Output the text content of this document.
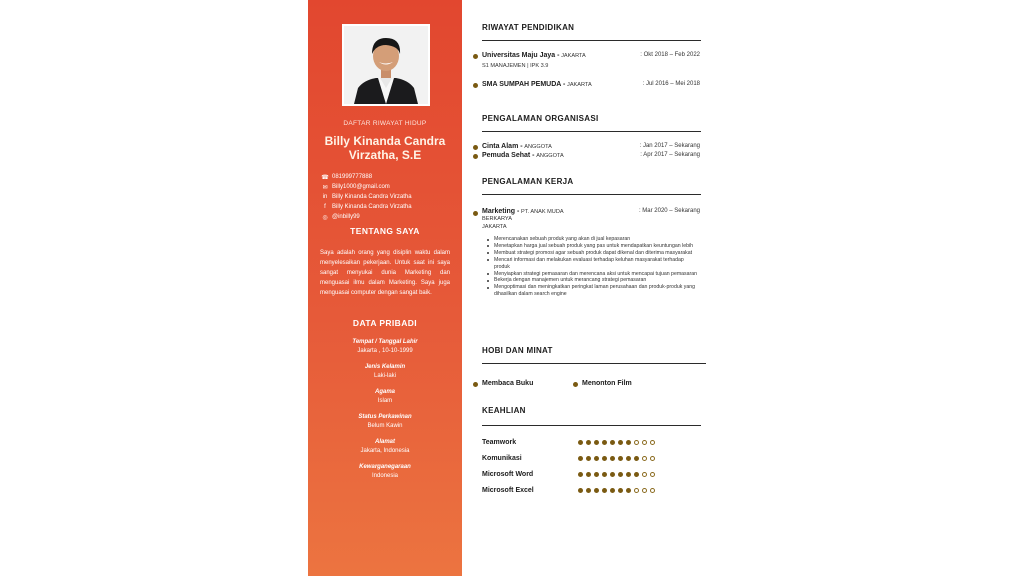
DAFTAR RIWAYAT HIDUP
Billy Kinanda Candra Virzatha, S.E
☎ 081999777888
✉ Billy1000@gmail.com
in Billy Kinanda Candra Virzatha
f	Billy Kinanda Candra Virzatha
◎ @inbilly99
TENTANG SAYA
Saya adalah orang yang disiplin waktu dalam menyelesaikan pekerjaan. Untuk saat ini saya sangat menyukai dunia Marketing dan menguasai ilmu dalam Marketing. Saya juga menguasai computer dengan sangat baik.
DATA PRIBADI
Tempat / Tanggal Lahir
Jakarta , 10-10-1999
Jenis Kelamin
Laki-laki
Agama
Islam
Status Perkawinan
Belum Kawin
Alamat
Jakarta, Indonesia
Kewarganegaraan
Indonesia
RIWAYAT PENDIDIKAN
Universitas Maju Jaya - JAKARTA	: Okt 2018 – Feb 2022
S1 MANAJEMEN | IPK 3.9
SMA SUMPAH PEMUDA - JAKARTA	: Jul 2016 – Mei 2018
PENGALAMAN ORGANISASI
Cinta Alam - ANGGOTA	: Jan 2017 – Sekarang
Pemuda Sehat - ANGGOTA	: Apr 2017 – Sekarang
PENGALAMAN KERJA
Marketing - PT. ANAK MUDA	: Mar 2020 – Sekarang
BERKARYA
JAKARTA
Merencanakan sebuah produk yang akan di jual kepasaran
Menetapkan harga jual sebuah produk yang pas untuk mendapatkan keuntungan lebih
Membuat strategi promosi agar sebuah produk dapat dikenal dan diterima masyarakat
Mencari informasi dan melakukan evaluasi terhadap keluhan masyarakat terhadap produk
Menyiapkan strategi pemasaran dan merencana aksi untuk mencapai tujuan pemasaran
Bekerja dengan manajemen untuk merancang strategi pemasaran
Mengoptimasi dan meningkatkan peringkat laman perusahaan dan produk-produk yang dihasilkan dalam search engine
HOBI DAN MINAT
Membaca Buku	Menonton Film
KEAHLIAN
Teamwork
Komunikasi
Microsoft Word
Microsoft Excel
